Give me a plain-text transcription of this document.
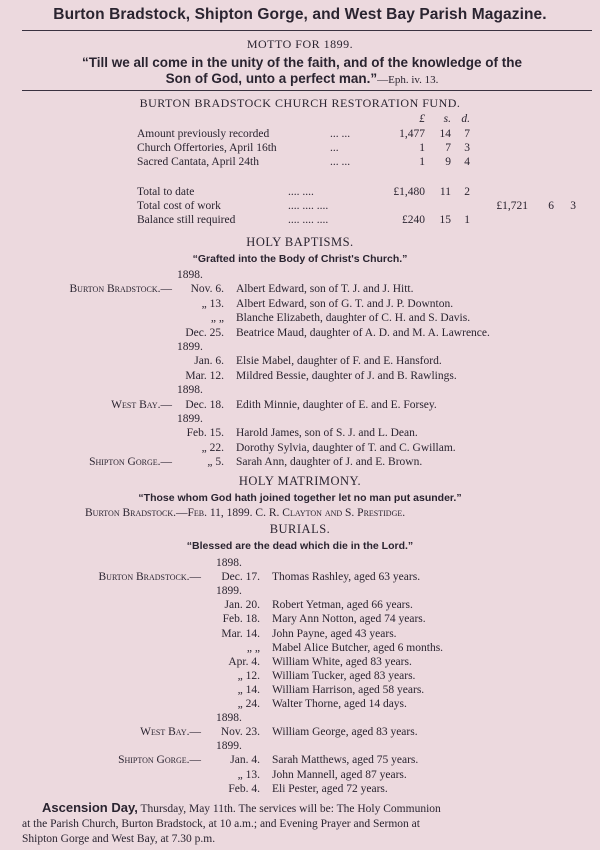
Burton Bradstock, Shipton Gorge, and West Bay Parish Magazine.
MOTTO FOR 1899.
“Till we all come in the unity of the faith, and of the knowledge of the
Son of God, unto a perfect man.”—Eph. iv. 13.
BURTON BRADSTOCK CHURCH RESTORATION FUND.
£	s. d.
Amount previously recorded	... ...	1,477	14	7
Church Offertories, April 16th	...	1	7	3
Sacred Cantata, April 24th	... ...	1	9	4
Total to date	.... ....	£1,480	11	2
Total cost of work	.... .... ....	£1,721	6	3
Balance still required	.... .... ....	£240	15	1
HOLY BAPTISMS.
“Grafted into the Body of Christ's Church.”
1898.
Burton Bradstock.—	Nov. 6. Albert Edward, son of T. J. and J. Hitt.
„ 13. Albert Edward, son of G. T. and J. P. Downton.
„ „ Blanche Elizabeth, daughter of C. H. and S. Davis.
Dec. 25. Beatrice Maud, daughter of A. D. and M. A. Lawrence.
1899.
Jan. 6. Elsie Mabel, daughter of F. and E. Hansford.
Mar. 12. Mildred Bessie, daughter of J. and B. Rawlings.
1898.
West Bay.—	Dec. 18. Edith Minnie, daughter of E. and E. Forsey.
1899.
Feb. 15. Harold James, son of S. J. and L. Dean.
„ 22. Dorothy Sylvia, daughter of T. and C. Gwillam.
Shipton Gorge.—	„ 5. Sarah Ann, daughter of J. and E. Brown.
HOLY MATRIMONY.
“Those whom God hath joined together let no man put asunder.”
Burton Bradstock.—Feb. 11, 1899. C. R. Clayton and S. Prestidge.
BURIALS.
“Blessed are the dead which die in the Lord.”
1898.
Burton Bradstock.—	Dec. 17. Thomas Rashley, aged 63 years.
1899.
Jan. 20. Robert Yetman, aged 66 years.
Feb. 18. Mary Ann Notton, aged 74 years.
Mar. 14. John Payne, aged 43 years.
„ „ Mabel Alice Butcher, aged 6 months.
Apr. 4. William White, aged 83 years.
„ 12. William Tucker, aged 83 years.
„ 14. William Harrison, aged 58 years.
„ 24. Walter Thorne, aged 14 days.
1898.
West Bay.—	Nov. 23. William George, aged 83 years.
1899.
Shipton Gorge.—	Jan. 4. Sarah Matthews, aged 75 years.
„ 13. John Mannell, aged 87 years.
Feb. 4. Eli Pester, aged 72 years.
Ascension Day, Thursday, May 11th. The services will be: The Holy Communion
at the Parish Church, Burton Bradstock, at 10 a.m.; and Evening Prayer and Sermon at
Shipton Gorge and West Bay, at 7.30 p.m.
